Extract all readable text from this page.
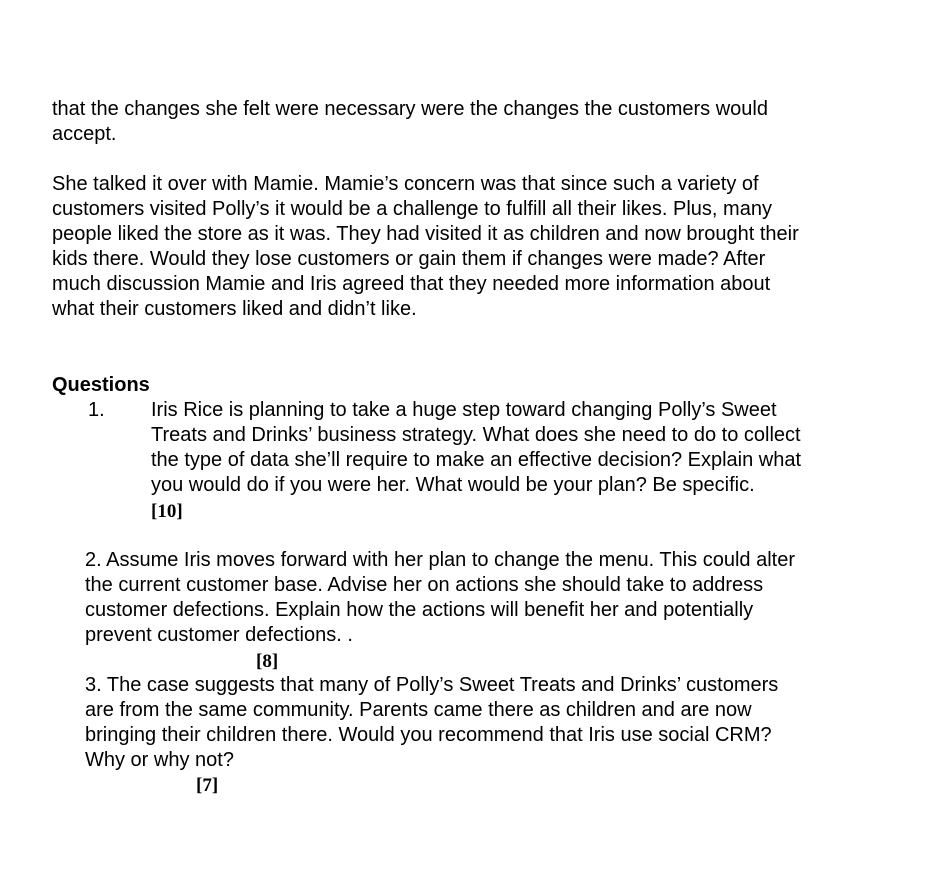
that the changes she felt were necessary were the changes the customers would
accept.
She talked it over with Mamie. Mamie’s concern was that since such a variety of
customers visited Polly’s it would be a challenge to fulfill all their likes. Plus, many
people liked the store as it was. They had visited it as children and now brought their
kids there. Would they lose customers or gain them if changes were made? After
much discussion Mamie and Iris agreed that they needed more information about
what their customers liked and didn’t like.
Questions
1. Iris Rice is planning to take a huge step toward changing Polly’s Sweet
Treats and Drinks’ business strategy. What does she need to do to collect
the type of data she’ll require to make an effective decision? Explain what
you would do if you were her. What would be your plan? Be specific.
[10]
2. Assume Iris moves forward with her plan to change the menu. This could alter
the current customer base. Advise her on actions she should take to address
customer defections. Explain how the actions will benefit her and potentially
prevent customer defections. .
[8]
3. The case suggests that many of Polly’s Sweet Treats and Drinks’ customers
are from the same community. Parents came there as children and are now
bringing their children there. Would you recommend that Iris use social CRM?
Why or why not?
[7]
